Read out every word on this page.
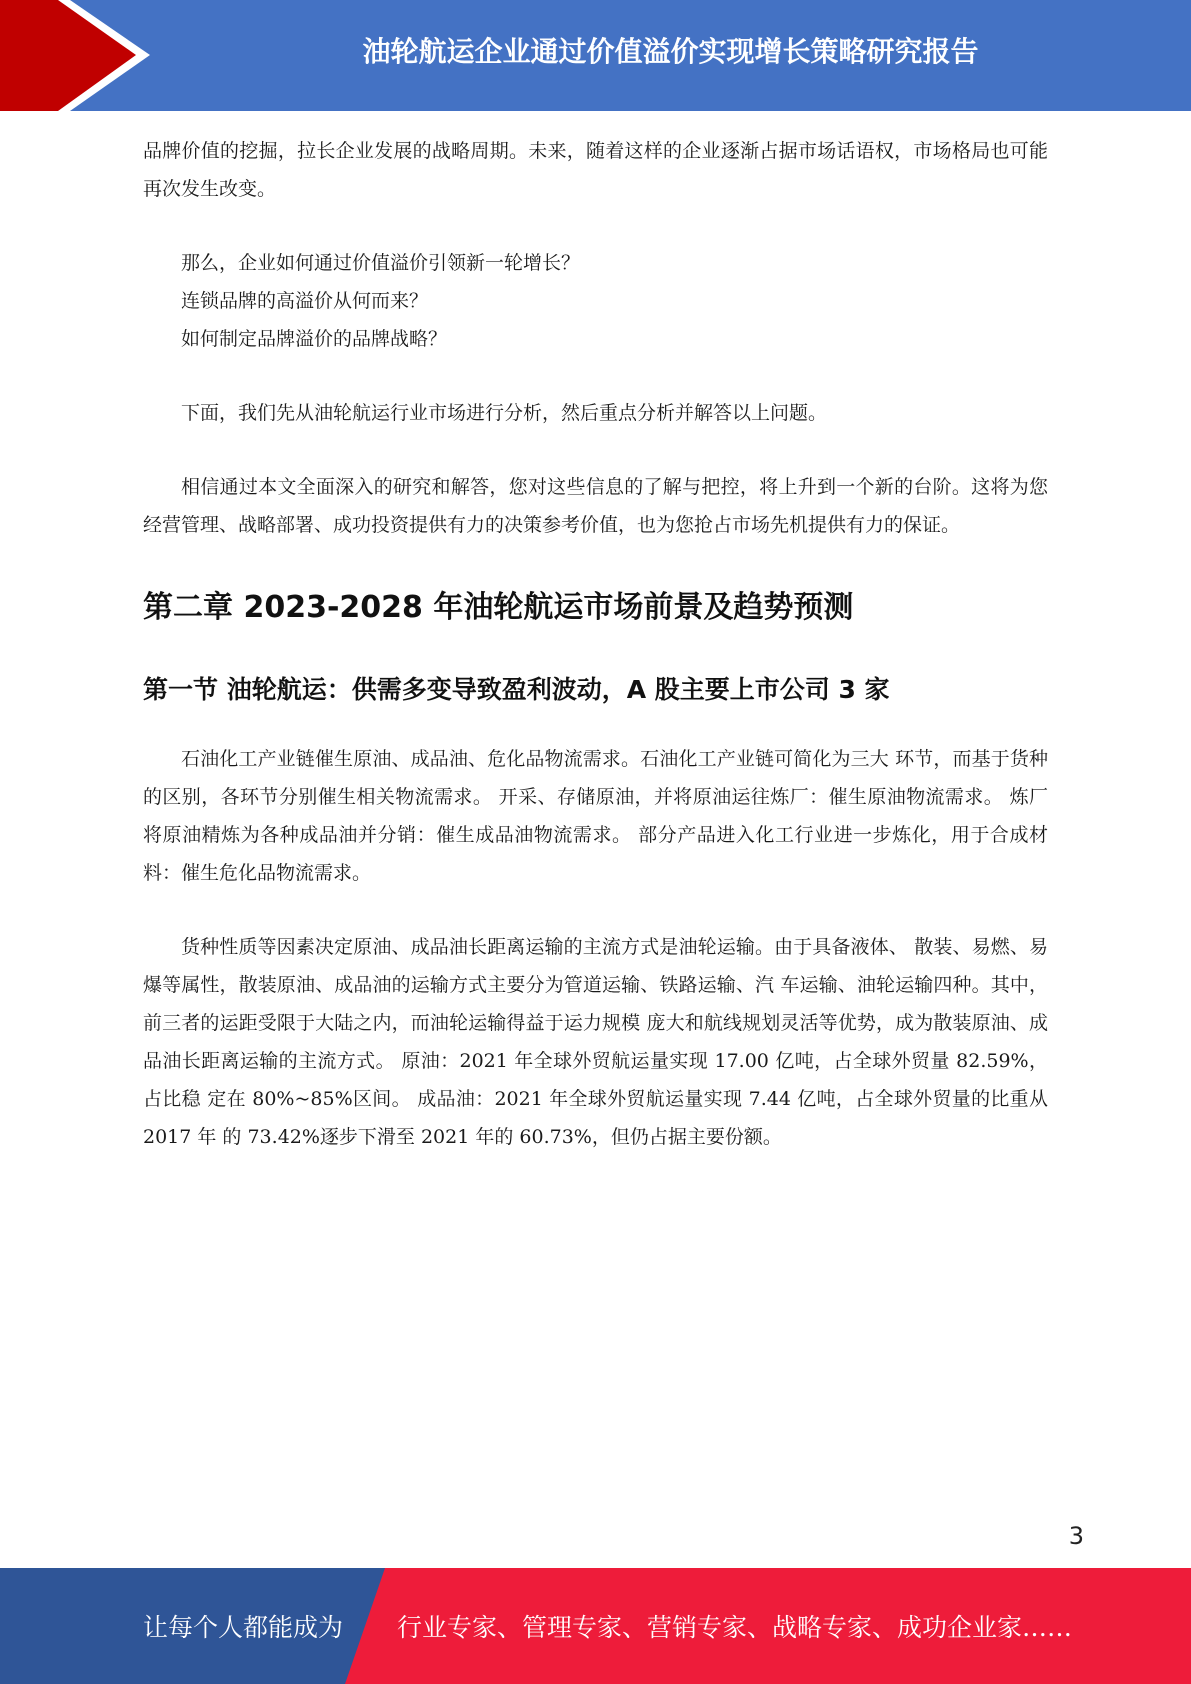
油轮航运企业通过价值溢价实现增长策略研究报告

品牌价值的挖掘，拉长企业发展的战略周期。未来，随着这样的企业逐渐占据市场话语权，市场格局也可能再次发生改变。

那么，企业如何通过价值溢价引领新一轮增长？

连锁品牌的高溢价从何而来？

如何制定品牌溢价的品牌战略？

下面，我们先从油轮航运行业市场进行分析，然后重点分析并解答以上问题。

相信通过本文全面深入的研究和解答，您对这些信息的了解与把控，将上升到一个新的台阶。这将为您经营管理、战略部署、成功投资提供有力的决策参考价值，也为您抢占市场先机提供有力的保证。

第二章 2023-2028 年油轮航运市场前景及趋势预测
第一节 油轮航运：供需多变导致盈利波动，A 股主要上市公司 3 家

石油化工产业链催生原油、成品油、危化品物流需求。石油化工产业链可简化为三大 环节，而基于货种的区别，各环节分别催生相关物流需求。 开采、存储原油，并将原油运往炼厂：催生原油物流需求。 炼厂将原油精炼为各种成品油并分销：催生成品油物流需求。 部分产品进入化工行业进一步炼化，用于合成材料：催生危化品物流需求。

货种性质等因素决定原油、成品油长距离运输的主流方式是油轮运输。由于具备液体、 散装、易燃、易爆等属性，散装原油、成品油的运输方式主要分为管道运输、铁路运输、汽 车运输、油轮运输四种。其中，前三者的运距受限于大陆之内，而油轮运输得益于运力规模 庞大和航线规划灵活等优势，成为散装原油、成品油长距离运输的主流方式。 原油：2021 年全球外贸航运量实现 17.00 亿吨，占全球外贸量 82.59%，占比稳 定在 80%~85%区间。 成品油：2021 年全球外贸航运量实现 7.44 亿吨，占全球外贸量的比重从 2017 年 的 73.42%逐步下滑至 2021 年的 60.73%，但仍占据主要份额。

3
让每个人都能成为 行业专家、管理专家、营销专家、战略专家、成功企业家……
